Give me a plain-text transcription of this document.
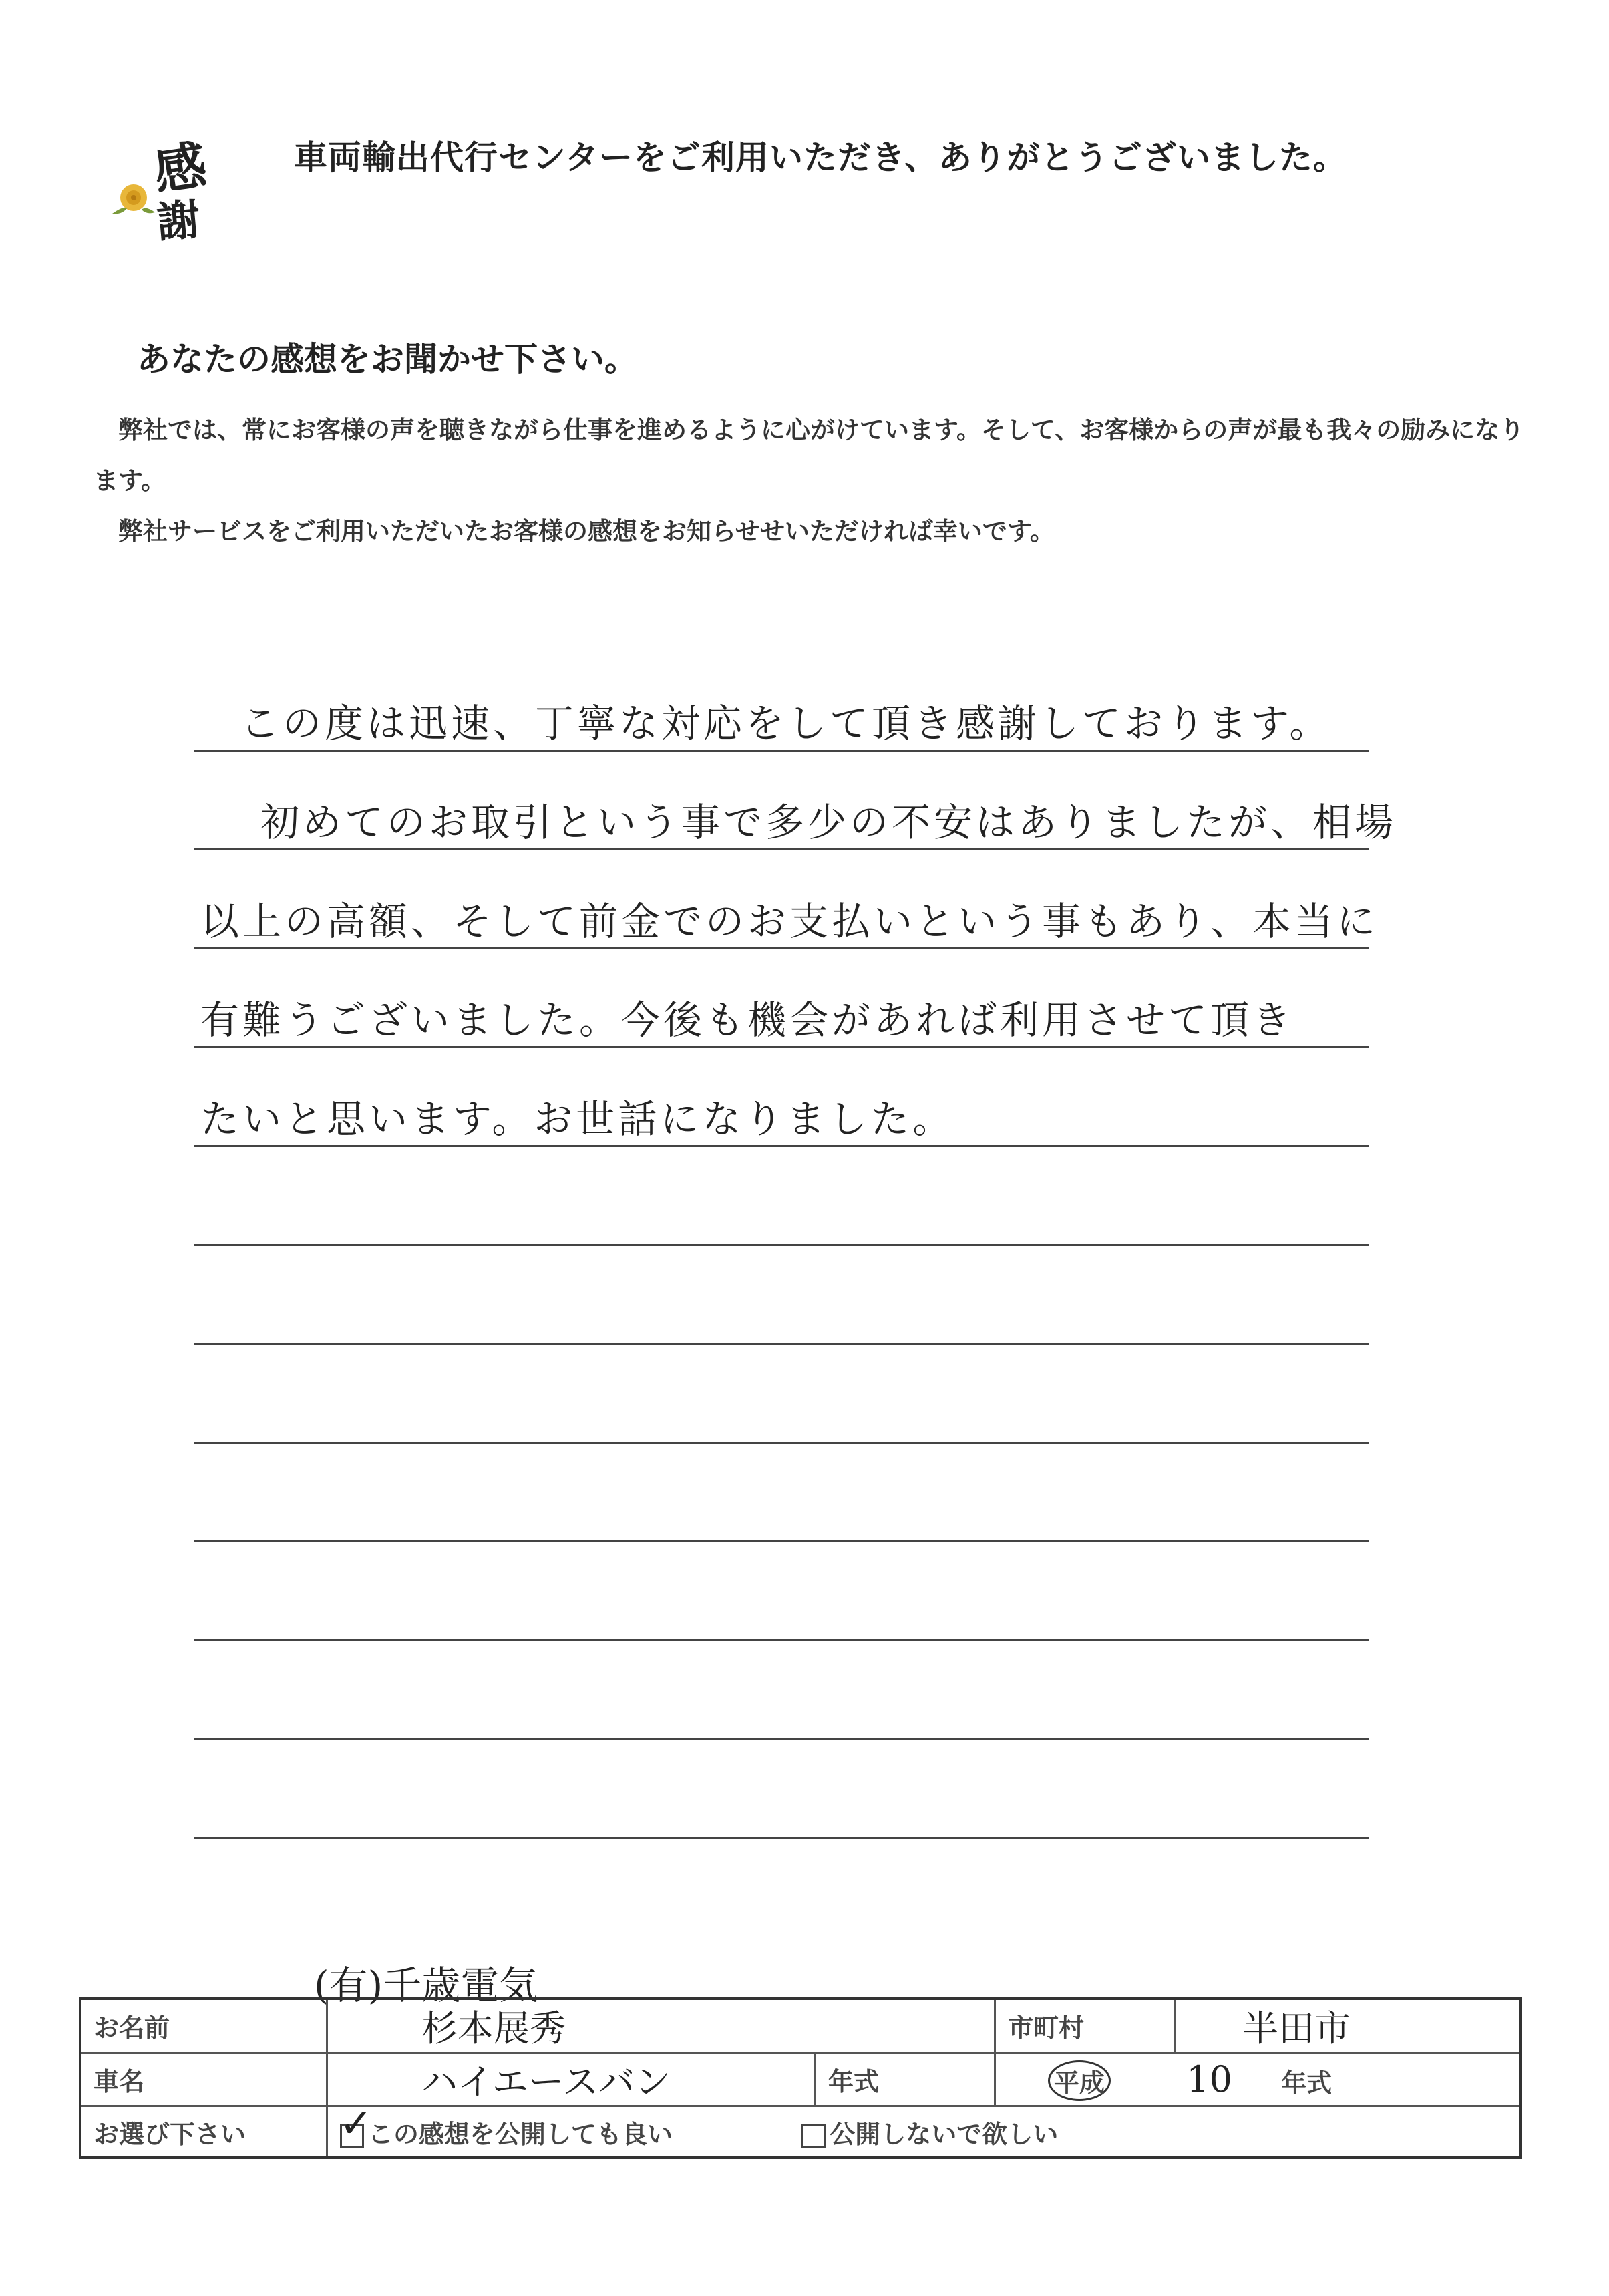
感
謝
車両輸出代行センターをご利用いただき、ありがとうございました。
あなたの感想をお聞かせ下さい。

　弊社では、常にお客様の声を聴きながら仕事を進めるように心がけています。そして、お客様からの声が最も我々の励みになります。

　弊社サービスをご利用いただいたお客様の感想をお知らせせいただければ幸いです。

この度は迅速、丁寧な対応をして頂き感謝しております。
初めてのお取引という事で多少の不安はありましたが、相場
以上の高額、そして前金でのお支払いという事もあり、本当に
有難うございました。今後も機会があれば利用させて頂き
たいと思います。お世話になりました。
(有)千歳電気
お名前	杉本展秀		市町村	半田市
車名	ハイエースバン	年式	平成 10 年式	
お選び下さい	✓この感想を公開しても良い 公開しないで欲しい
